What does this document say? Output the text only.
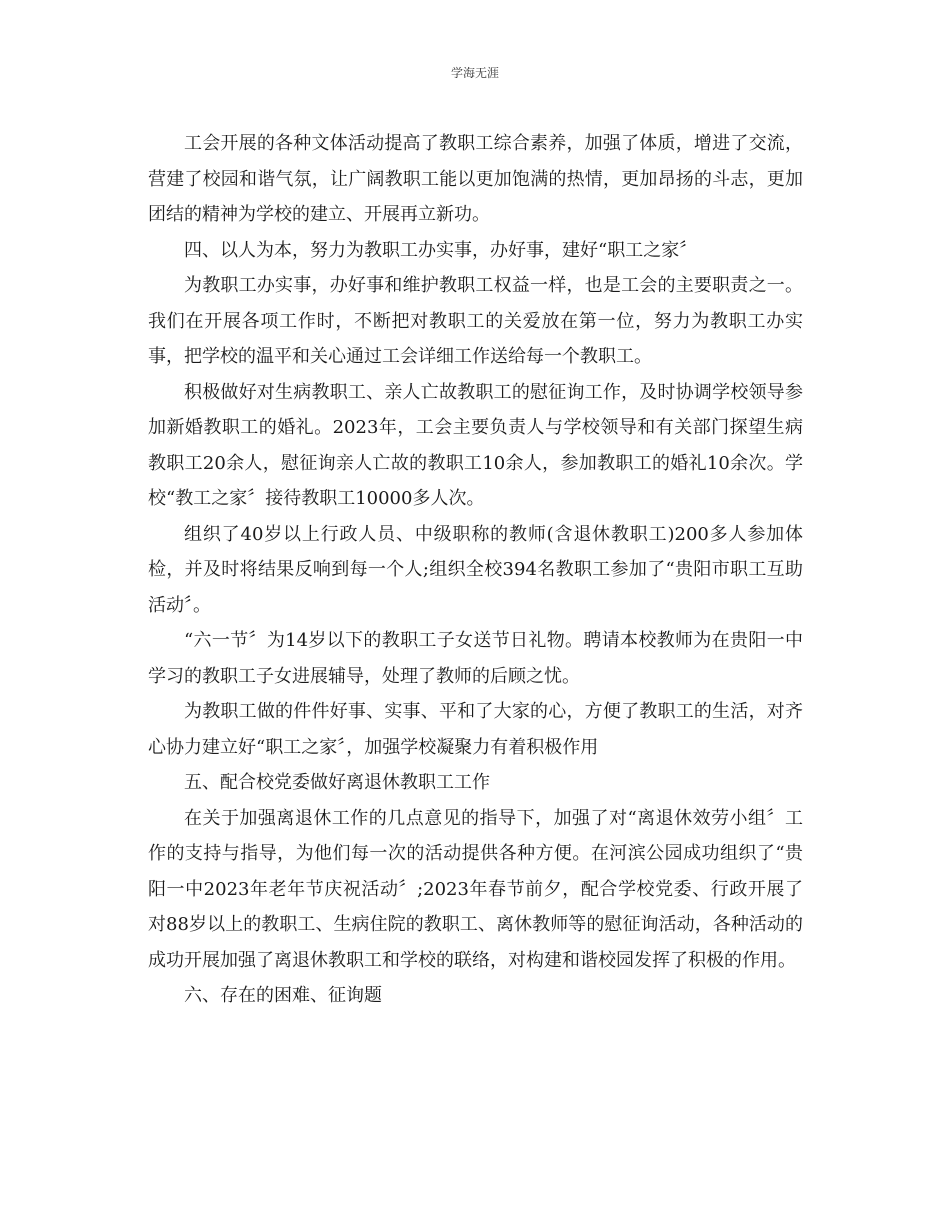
学海无涯

工会开展的各种文体活动提高了教职工综合素养，加强了体质，增进了交流，营建了校园和谐气氛，让广阔教职工能以更加饱满的热情，更加昂扬的斗志，更加团结的精神为学校的建立、开展再立新功。

四、以人为本，努力为教职工办实事，办好事，建好“职工之家〞

为教职工办实事，办好事和维护教职工权益一样，也是工会的主要职责之一。我们在开展各项工作时，不断把对教职工的关爱放在第一位，努力为教职工办实事，把学校的温平和关心通过工会详细工作送给每一个教职工。

积极做好对生病教职工、亲人亡故教职工的慰征询工作，及时协调学校领导参加新婚教职工的婚礼。2023年，工会主要负责人与学校领导和有关部门探望生病教职工20余人，慰征询亲人亡故的教职工10余人，参加教职工的婚礼10余次。学校“教工之家〞接待教职工10000多人次。

组织了40岁以上行政人员、中级职称的教师(含退休教职工)200多人参加体检，并及时将结果反响到每一个人;组织全校394名教职工参加了“贵阳市职工互助活动〞。

“六一节〞为14岁以下的教职工子女送节日礼物。聘请本校教师为在贵阳一中学习的教职工子女进展辅导，处理了教师的后顾之忧。

为教职工做的件件好事、实事、平和了大家的心，方便了教职工的生活，对齐心协力建立好“职工之家〞，加强学校凝聚力有着积极作用

五、配合校党委做好离退休教职工工作

在关于加强离退休工作的几点意见的指导下，加强了对“离退休效劳小组〞工作的支持与指导，为他们每一次的活动提供各种方便。在河滨公园成功组织了“贵阳一中2023年老年节庆祝活动〞;2023年春节前夕，配合学校党委、行政开展了对88岁以上的教职工、生病住院的教职工、离休教师等的慰征询活动，各种活动的成功开展加强了离退休教职工和学校的联络，对构建和谐校园发挥了积极的作用。

六、存在的困难、征询题
